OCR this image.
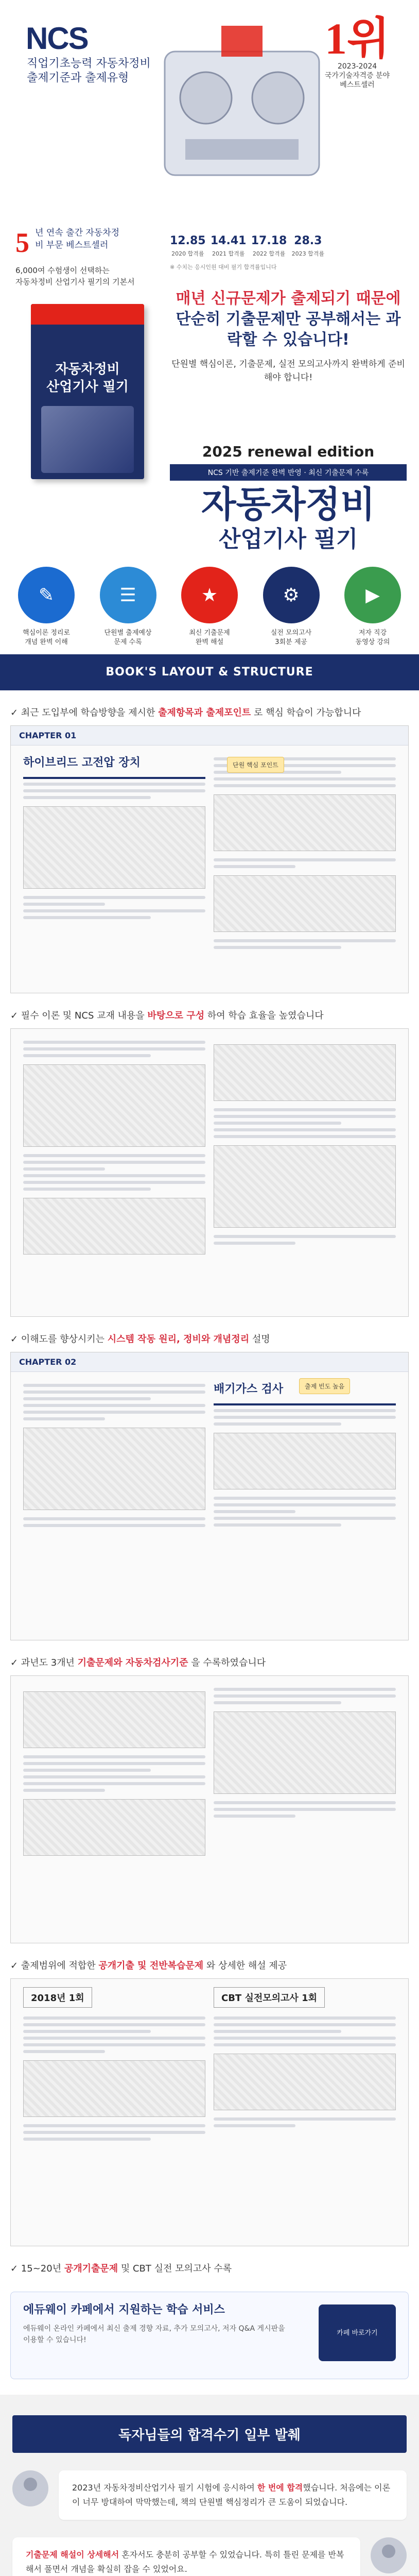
NCS
직업기초능력 자동차정비 출제기준과 출제유형
1위
2023-2024
국가기술자격증 분야
베스트셀러
5 년 연속 출간 자동차정비 부문 베스트셀러
6,000여 수험생이 선택하는
자동차정비 산업기사 필기의 기본서
12.85
2020 합격률
14.41
2021 합격률
17.18
2022 합격률
28.3
2023 합격률
※ 수치는 응시인원 대비 필기 합격률입니다
매년 신규문제가 출제되기 때문에
단순히 기출문제만 공부해서는 과락할 수 있습니다!
단원별 핵심이론, 기출문제, 실전 모의고사까지 완벽하게 준비해야 합니다!
자동차정비
산업기사 필기
2025 renewal edition
NCS 기반 출제기준 완벽 반영 · 최신 기출문제 수록
자동차정비
산업기사 필기
✎
핵심이론 정리로
개념 완벽 이해
☰
단원별 출제예상
문제 수록
★
최신 기출문제
완벽 해설
⚙
실전 모의고사
3회분 제공
▶
저자 직강
동영상 강의
BOOK'S LAYOUT & STRUCTURE

✓ 최근 도입부에 학습방향을 제시한 출제항목과 출제포인트 로 핵심 학습이 가능합니다

CHAPTER 01
하이브리드 고전압 장치	단원 핵심 포인트

✓ 필수 이론 및 NCS 교재 내용을 바탕으로 구성 하여 학습 효율을 높였습니다

✓ 이해도를 향상시키는 시스템 작동 원리, 정비와 개념정리 설명

CHAPTER 02
배기가스 검사	출제 빈도 높음

✓ 과년도 3개년 기출문제와 자동차검사기준 을 수록하였습니다

✓ 출제범위에 적합한 공개기출 및 전반복습문제 와 상세한 해설 제공

2018년 1회	CBT 실전모의고사 1회

✓ 15~20년 공개기출문제 및 CBT 실전 모의고사 수록

에듀웨이 카페에서 지원하는 학습 서비스
에듀웨이 온라인 카페에서 최신 출제 경향 자료, 추가 모의고사, 저자 Q&A 게시판을 이용할 수 있습니다!
카페 바로가기
독자님들의 합격수기 일부 발췌
2023년 자동차정비산업기사 필기 시험에 응시하여 한 번에 합격했습니다. 처음에는 이론이 너무 방대하여 막막했는데, 책의 단원별 핵심정리가 큰 도움이 되었습니다.
기출문제 해설이 상세해서 혼자서도 충분히 공부할 수 있었습니다. 특히 틀린 문제를 반복해서 풀면서 개념을 확실히 잡을 수 있었어요.
